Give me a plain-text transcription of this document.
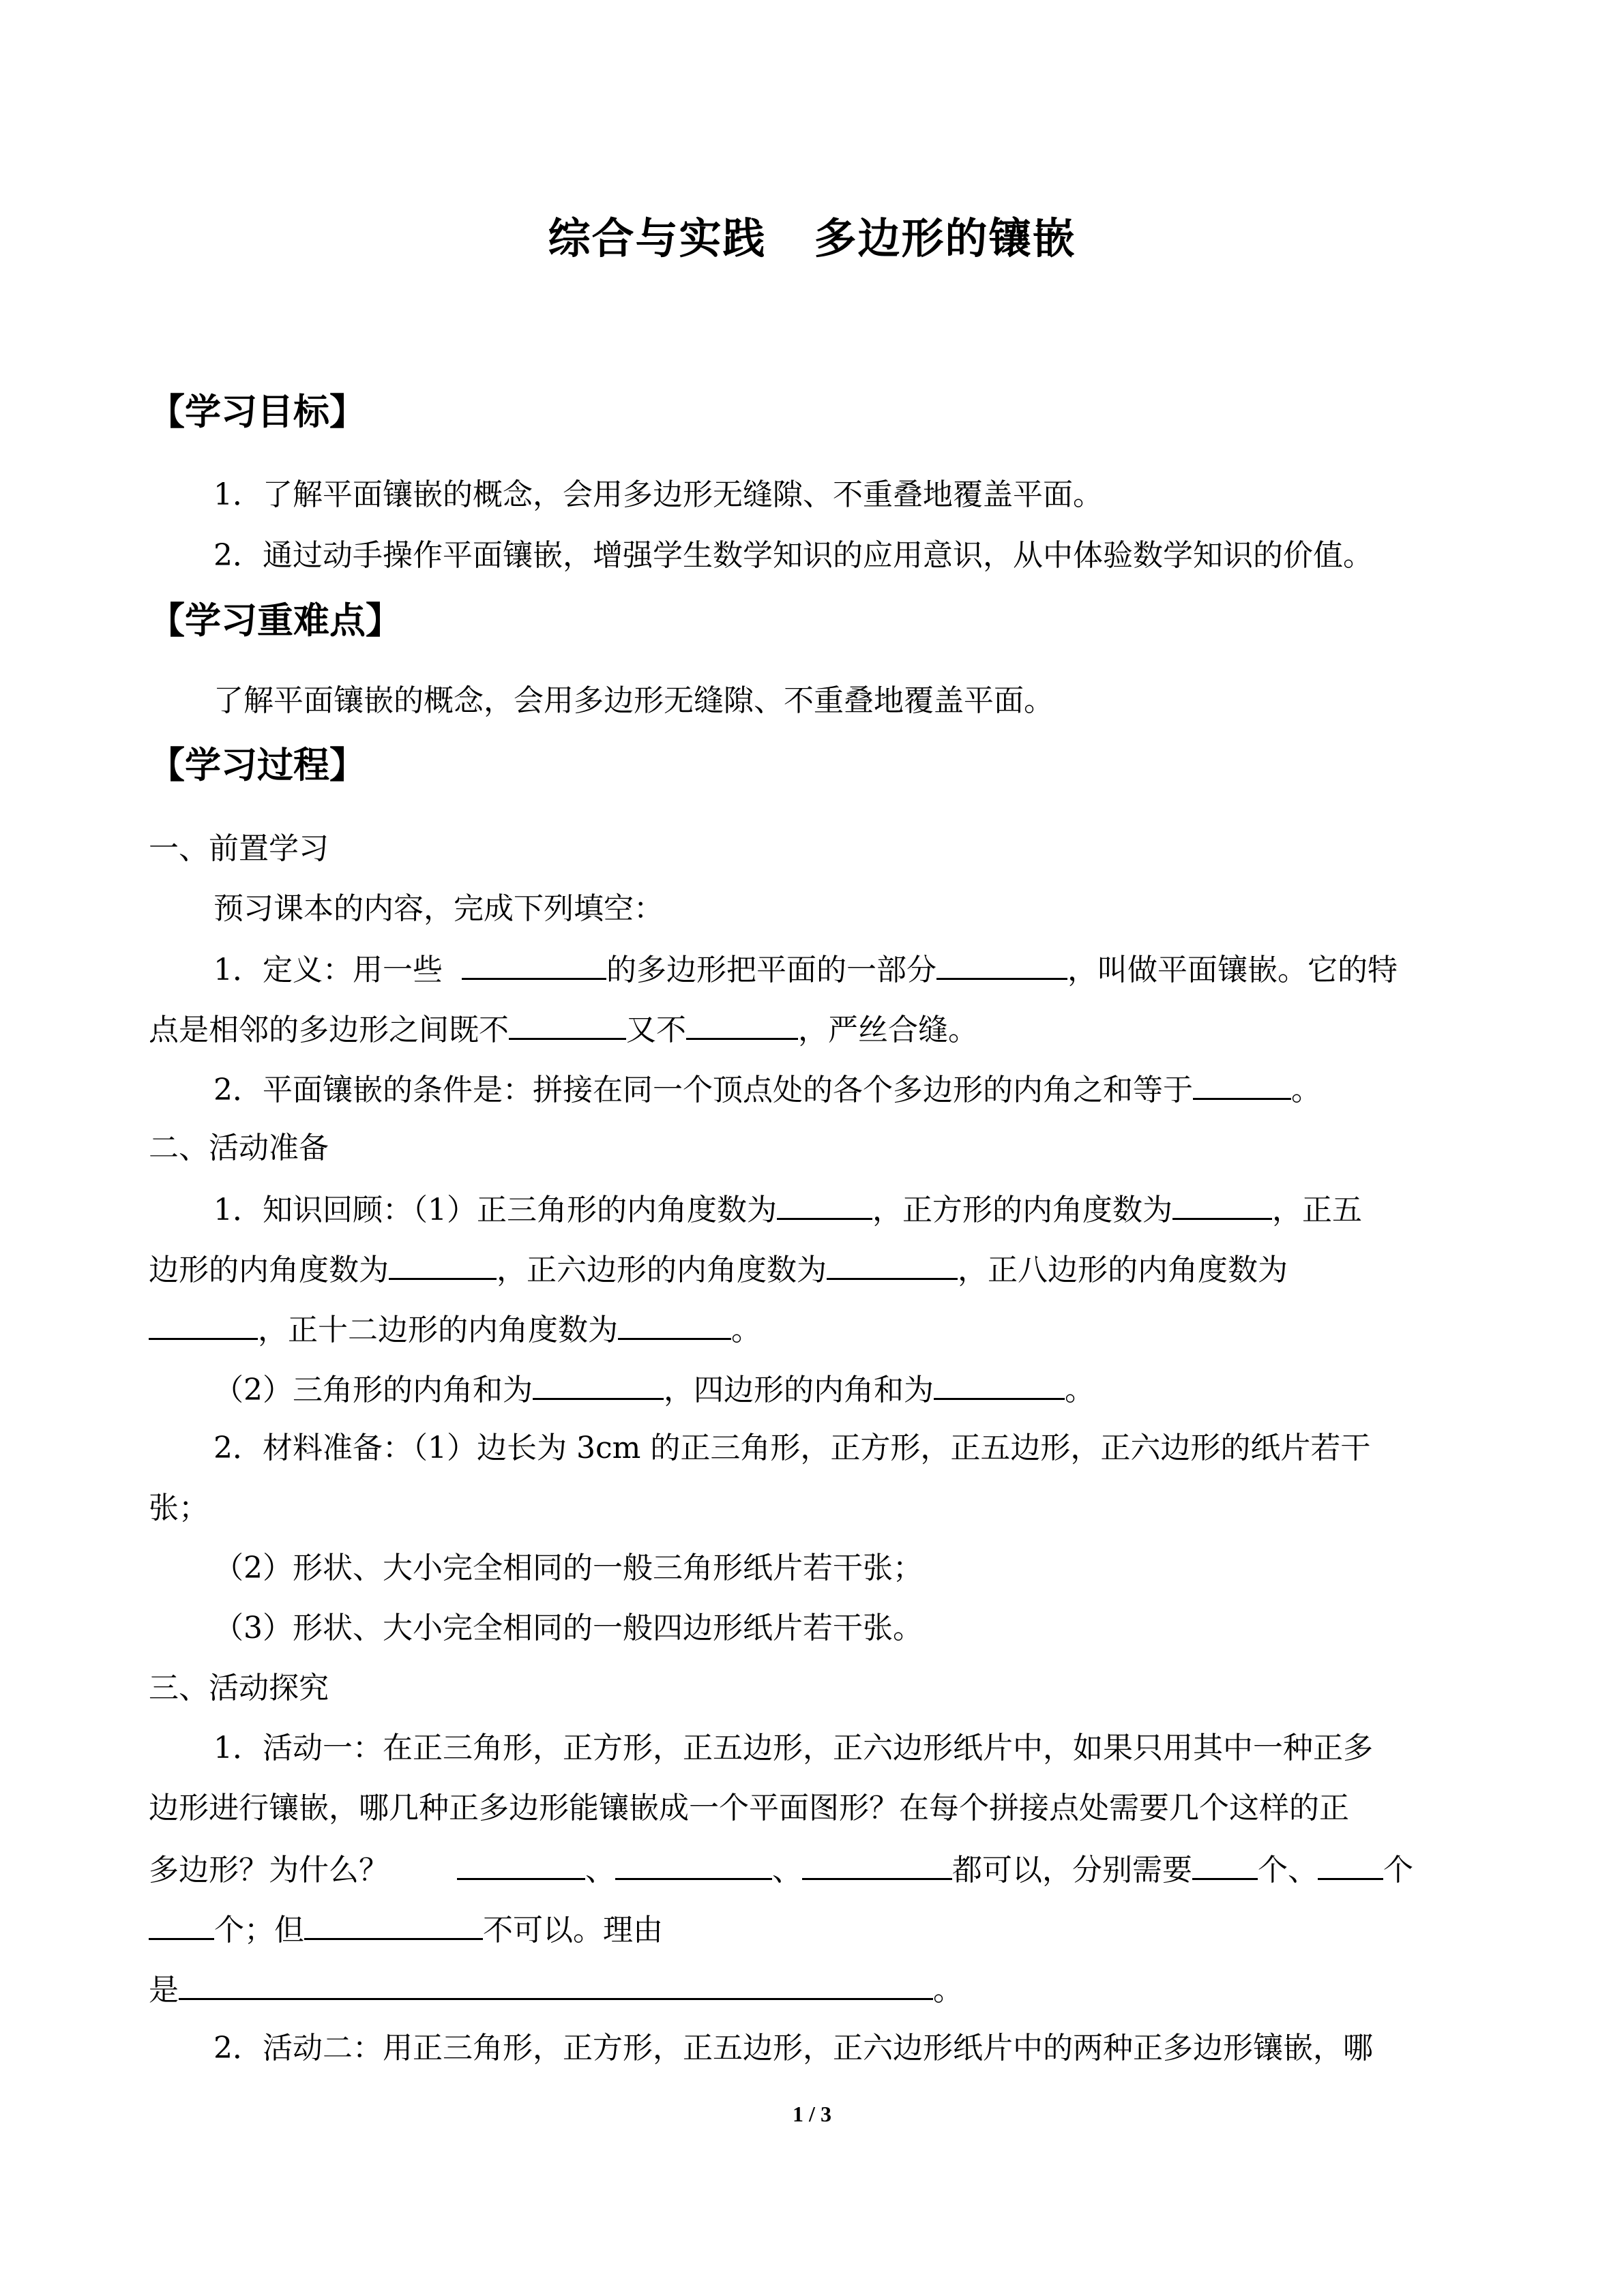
综合与实践 多边形的镶嵌
【学习目标】
1．了解平面镶嵌的概念，会用多边形无缝隙、不重叠地覆盖平面。
2．通过动手操作平面镶嵌，增强学生数学知识的应用意识，从中体验数学知识的价值。
【学习重难点】
了解平面镶嵌的概念，会用多边形无缝隙、不重叠地覆盖平面。
【学习过程】
一、前置学习
预习课本的内容，完成下列填空：
1．定义：用一些	的多边形把平面的一部分	，叫做平面镶嵌。它的特
点是相邻的多边形之间既不	又不	，严丝合缝。
2．平面镶嵌的条件是：拼接在同一个顶点处的各个多边形的内角之和等于	。
二、活动准备
1．知识回顾：（1）正三角形的内角度数为	，正方形的内角度数为	，正五
边形的内角度数为	，正六边形的内角度数为	，正八边形的内角度数为
，正十二边形的内角度数为	。
（2）三角形的内角和为	，四边形的内角和为	。
2．材料准备：（1）边长为 3cm 的正三角形，正方形，正五边形，正六边形的纸片若干
张；
（2）形状、大小完全相同的一般三角形纸片若干张；
（3）形状、大小完全相同的一般四边形纸片若干张。
三、活动探究
1．活动一：在正三角形，正方形，正五边形，正六边形纸片中，如果只用其中一种正多
边形进行镶嵌，哪几种正多边形能镶嵌成一个平面图形？在每个拼接点处需要几个这样的正
多边形？为什么？	、	、	都可以，分别需要 个、 个
个；但	不可以。理由
是	。
2．活动二：用正三角形，正方形，正五边形，正六边形纸片中的两种正多边形镶嵌，哪
1 / 3
